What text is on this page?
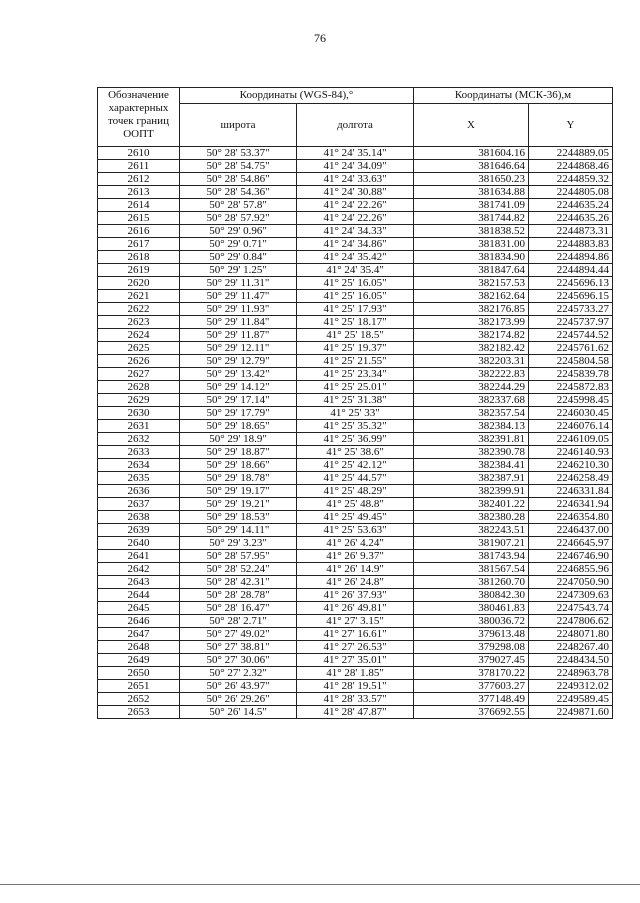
76
Обозначение характерных точек границ ООПТ	Координаты (WGS-84),°		Координаты (МСК-36),м	
	широта	долгота	X	Y
2610	50° 28' 53.37"	41° 24' 35.14"	381604.16	2244889.05
2611	50° 28' 54.75"	41° 24' 34.09"	381646.64	2244868.46
2612	50° 28' 54.86"	41° 24' 33.63"	381650.23	2244859.32
2613	50° 28' 54.36"	41° 24' 30.88"	381634.88	2244805.08
2614	50° 28' 57.8"	41° 24' 22.26"	381741.09	2244635.24
2615	50° 28' 57.92"	41° 24' 22.26"	381744.82	2244635.26
2616	50° 29' 0.96"	41° 24' 34.33"	381838.52	2244873.31
2617	50° 29' 0.71"	41° 24' 34.86"	381831.00	2244883.83
2618	50° 29' 0.84"	41° 24' 35.42"	381834.90	2244894.86
2619	50° 29' 1.25"	41° 24' 35.4"	381847.64	2244894.44
2620	50° 29' 11.31"	41° 25' 16.05"	382157.53	2245696.13
2621	50° 29' 11.47"	41° 25' 16.05"	382162.64	2245696.15
2622	50° 29' 11.93"	41° 25' 17.93"	382176.85	2245733.27
2623	50° 29' 11.84"	41° 25' 18.17"	382173.99	2245737.97
2624	50° 29' 11.87"	41° 25' 18.5"	382174.82	2245744.52
2625	50° 29' 12.11"	41° 25' 19.37"	382182.42	2245761.62
2626	50° 29' 12.79"	41° 25' 21.55"	382203.31	2245804.58
2627	50° 29' 13.42"	41° 25' 23.34"	382222.83	2245839.78
2628	50° 29' 14.12"	41° 25' 25.01"	382244.29	2245872.83
2629	50° 29' 17.14"	41° 25' 31.38"	382337.68	2245998.45
2630	50° 29' 17.79"	41° 25' 33"	382357.54	2246030.45
2631	50° 29' 18.65"	41° 25' 35.32"	382384.13	2246076.14
2632	50° 29' 18.9"	41° 25' 36.99"	382391.81	2246109.05
2633	50° 29' 18.87"	41° 25' 38.6"	382390.78	2246140.93
2634	50° 29' 18.66"	41° 25' 42.12"	382384.41	2246210.30
2635	50° 29' 18.78"	41° 25' 44.57"	382387.91	2246258.49
2636	50° 29' 19.17"	41° 25' 48.29"	382399.91	2246331.84
2637	50° 29' 19.21"	41° 25' 48.8"	382401.22	2246341.94
2638	50° 29' 18.53"	41° 25' 49.45"	382380.28	2246354.80
2639	50° 29' 14.11"	41° 25' 53.63"	382243.51	2246437.00
2640	50° 29' 3.23"	41° 26' 4.24"	381907.21	2246645.97
2641	50° 28' 57.95"	41° 26' 9.37"	381743.94	2246746.90
2642	50° 28' 52.24"	41° 26' 14.9"	381567.54	2246855.96
2643	50° 28' 42.31"	41° 26' 24.8"	381260.70	2247050.90
2644	50° 28' 28.78"	41° 26' 37.93"	380842.30	2247309.63
2645	50° 28' 16.47"	41° 26' 49.81"	380461.83	2247543.74
2646	50° 28' 2.71"	41° 27' 3.15"	380036.72	2247806.62
2647	50° 27' 49.02"	41° 27' 16.61"	379613.48	2248071.80
2648	50° 27' 38.81"	41° 27' 26.53"	379298.08	2248267.40
2649	50° 27' 30.06"	41° 27' 35.01"	379027.45	2248434.50
2650	50° 27' 2.32"	41° 28' 1.85"	378170.22	2248963.78
2651	50° 26' 43.97"	41° 28' 19.51"	377603.27	2249312.02
2652	50° 26' 29.26"	41° 28' 33.57"	377148.49	2249589.45
2653	50° 26' 14.5"	41° 28' 47.87"	376692.55	2249871.60
